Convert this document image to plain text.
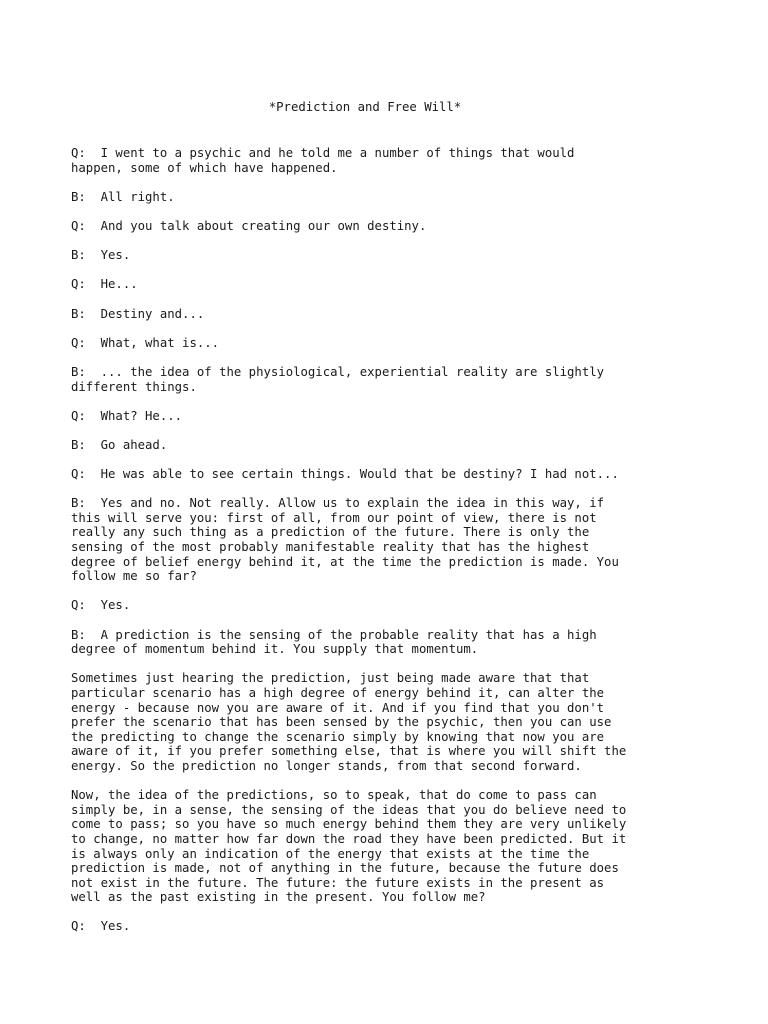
*Prediction and Free Will*

Q:  I went to a psychic and he told me a number of things that would
happen, some of which have happened.

B:  All right.

Q:  And you talk about creating our own destiny.

B:  Yes.

Q:  He...

B:  Destiny and...

Q:  What, what is...

B:  ... the idea of the physiological, experiential reality are slightly
different things.

Q:  What? He...

B:  Go ahead.

Q:  He was able to see certain things. Would that be destiny? I had not...

B:  Yes and no. Not really. Allow us to explain the idea in this way, if
this will serve you: first of all, from our point of view, there is not
really any such thing as a prediction of the future. There is only the
sensing of the most probably manifestable reality that has the highest
degree of belief energy behind it, at the time the prediction is made. You
follow me so far?

Q:  Yes.

B:  A prediction is the sensing of the probable reality that has a high
degree of momentum behind it. You supply that momentum.

Sometimes just hearing the prediction, just being made aware that that
particular scenario has a high degree of energy behind it, can alter the
energy - because now you are aware of it. And if you find that you don't
prefer the scenario that has been sensed by the psychic, then you can use
the predicting to change the scenario simply by knowing that now you are
aware of it, if you prefer something else, that is where you will shift the
energy. So the prediction no longer stands, from that second forward.

Now, the idea of the predictions, so to speak, that do come to pass can
simply be, in a sense, the sensing of the ideas that you do believe need to
come to pass; so you have so much energy behind them they are very unlikely
to change, no matter how far down the road they have been predicted. But it
is always only an indication of the energy that exists at the time the
prediction is made, not of anything in the future, because the future does
not exist in the future. The future: the future exists in the present as
well as the past existing in the present. You follow me?

Q:  Yes.
